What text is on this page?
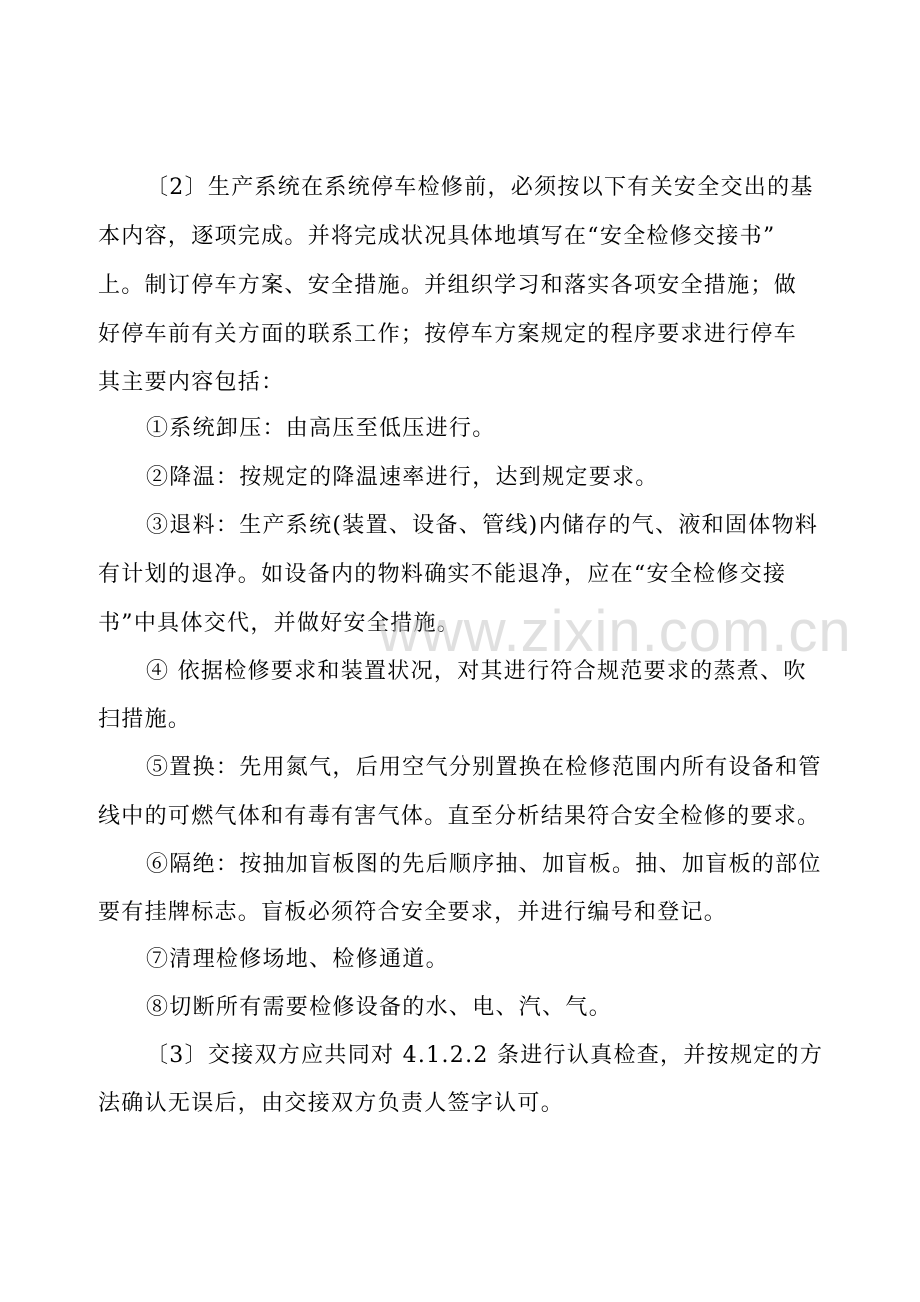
〔2〕生产系统在系统停车检修前，必须按以下有关安全交出的基
本内容，逐项完成。并将完成状况具体地填写在“安全检修交接书”
上。制订停车方案、安全措施。并组织学习和落实各项安全措施；做
好停车前有关方面的联系工作；按停车方案规定的程序要求进行停车
其主要内容包括：
①系统卸压：由高压至低压进行。
②降温：按规定的降温速率进行，达到规定要求。
③退料：生产系统(装置、设备、管线)内储存的气、液和固体物料
有计划的退净。如设备内的物料确实不能退净，应在“安全检修交接
书”中具体交代，并做好安全措施。
④ 依据检修要求和装置状况，对其进行符合规范要求的蒸煮、吹
扫措施。
⑤置换：先用氮气，后用空气分别置换在检修范围内所有设备和管
线中的可燃气体和有毒有害气体。直至分析结果符合安全检修的要求。
⑥隔绝：按抽加盲板图的先后顺序抽、加盲板。抽、加盲板的部位
要有挂牌标志。盲板必须符合安全要求，并进行编号和登记。
⑦清理检修场地、检修通道。
⑧切断所有需要检修设备的水、电、汽、气。
〔3〕交接双方应共同对 4.1.2.2 条进行认真检查，并按规定的方
法确认无误后，由交接双方负责人签字认可。
www.zixin.com.cn
